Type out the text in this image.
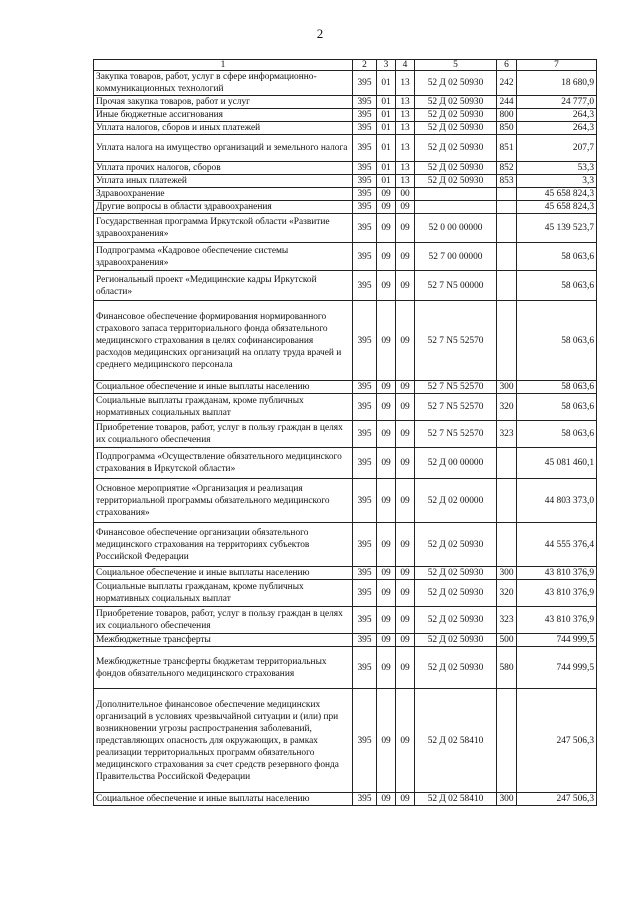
2
1	2	3	4	5	6	7
Закупка товаров, работ, услуг в сфере информационно-коммуникационных технологий	395	01	13	52 Д 02 50930	242	18 680,9
Прочая закупка товаров, работ и услуг	395	01	13	52 Д 02 50930	244	24 777,0
Иные бюджетные ассигнования	395	01	13	52 Д 02 50930	800	264,3
Уплата налогов, сборов и иных платежей	395	01	13	52 Д 02 50930	850	264,3
Уплата налога на имущество организаций и земельного налога	395	01	13	52 Д 02 50930	851	207,7
Уплата прочих налогов, сборов	395	01	13	52 Д 02 50930	852	53,3
Уплата иных платежей	395	01	13	52 Д 02 50930	853	3,3
Здравоохранение	395	09	00			45 658 824,3
Другие вопросы в области здравоохранения	395	09	09			45 658 824,3
Государственная программа Иркутской области «Развитие здравоохранения»	395	09	09	52 0 00 00000		45 139 523,7
Подпрограмма «Кадровое обеспечение системы здравоохранения»	395	09	09	52 7 00 00000		58 063,6
Региональный проект «Медицинские кадры Иркутской области»	395	09	09	52 7 N5 00000		58 063,6
Финансовое обеспечение формирования нормированного страхового запаса территориального фонда обязательного медицинского страхования в целях софинансирования расходов медицинских организаций на оплату труда врачей и среднего медицинского персонала	395	09	09	52 7 N5 52570		58 063,6
Социальное обеспечение и иные выплаты населению	395	09	09	52 7 N5 52570	300	58 063,6
Социальные выплаты гражданам, кроме публичных нормативных социальных выплат	395	09	09	52 7 N5 52570	320	58 063,6
Приобретение товаров, работ, услуг в пользу граждан в целях их социального обеспечения	395	09	09	52 7 N5 52570	323	58 063,6
Подпрограмма «Осуществление обязательного медицинского страхования в Иркутской области»	395	09	09	52 Д 00 00000		45 081 460,1
Основное мероприятие «Организация и реализация территориальной программы обязательного медицинского страхования»	395	09	09	52 Д 02 00000		44 803 373,0
Финансовое обеспечение организации обязательного медицинского страхования на территориях субъектов Российской Федерации	395	09	09	52 Д 02 50930		44 555 376,4
Социальное обеспечение и иные выплаты населению	395	09	09	52 Д 02 50930	300	43 810 376,9
Социальные выплаты гражданам, кроме публичных нормативных социальных выплат	395	09	09	52 Д 02 50930	320	43 810 376,9
Приобретение товаров, работ, услуг в пользу граждан в целях их социального обеспечения	395	09	09	52 Д 02 50930	323	43 810 376,9
Межбюджетные трансферты	395	09	09	52 Д 02 50930	500	744 999,5
Межбюджетные трансферты бюджетам территориальных фондов обязательного медицинского страхования	395	09	09	52 Д 02 50930	580	744 999,5
Дополнительное финансовое обеспечение медицинских организаций в условиях чрезвычайной ситуации и (или) при возникновении угрозы распространения заболеваний, представляющих опасность для окружающих, в рамках реализации территориальных программ обязательного медицинского страхования за счет средств резервного фонда Правительства Российской Федерации	395	09	09	52 Д 02 58410		247 506,3
Социальное обеспечение и иные выплаты населению	395	09	09	52 Д 02 58410	300	247 506,3
